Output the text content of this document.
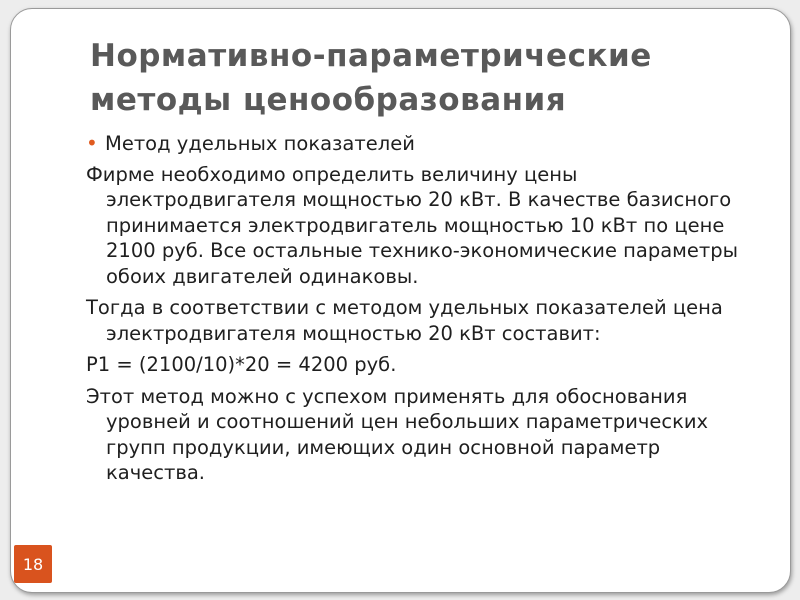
Нормативно-параметрические
методы ценообразования
• Метод удельных показателей

Фирме необходимо определить величину цены электродвигателя мощностью 20 кВт. В качестве базисного принимается электродвигатель мощностью 10 кВт по цене 2100 руб. Все остальные технико-экономические параметры обоих двигателей одинаковы.

Тогда в соответствии с методом удельных показателей цена электродвигателя мощностью 20 кВт составит:

Р1 = (2100/10)*20 = 4200 руб.

Этот метод можно с успехом применять для обоснования уровней и соотношений цен небольших параметрических групп продукции, имеющих один основной параметр качества.

18
